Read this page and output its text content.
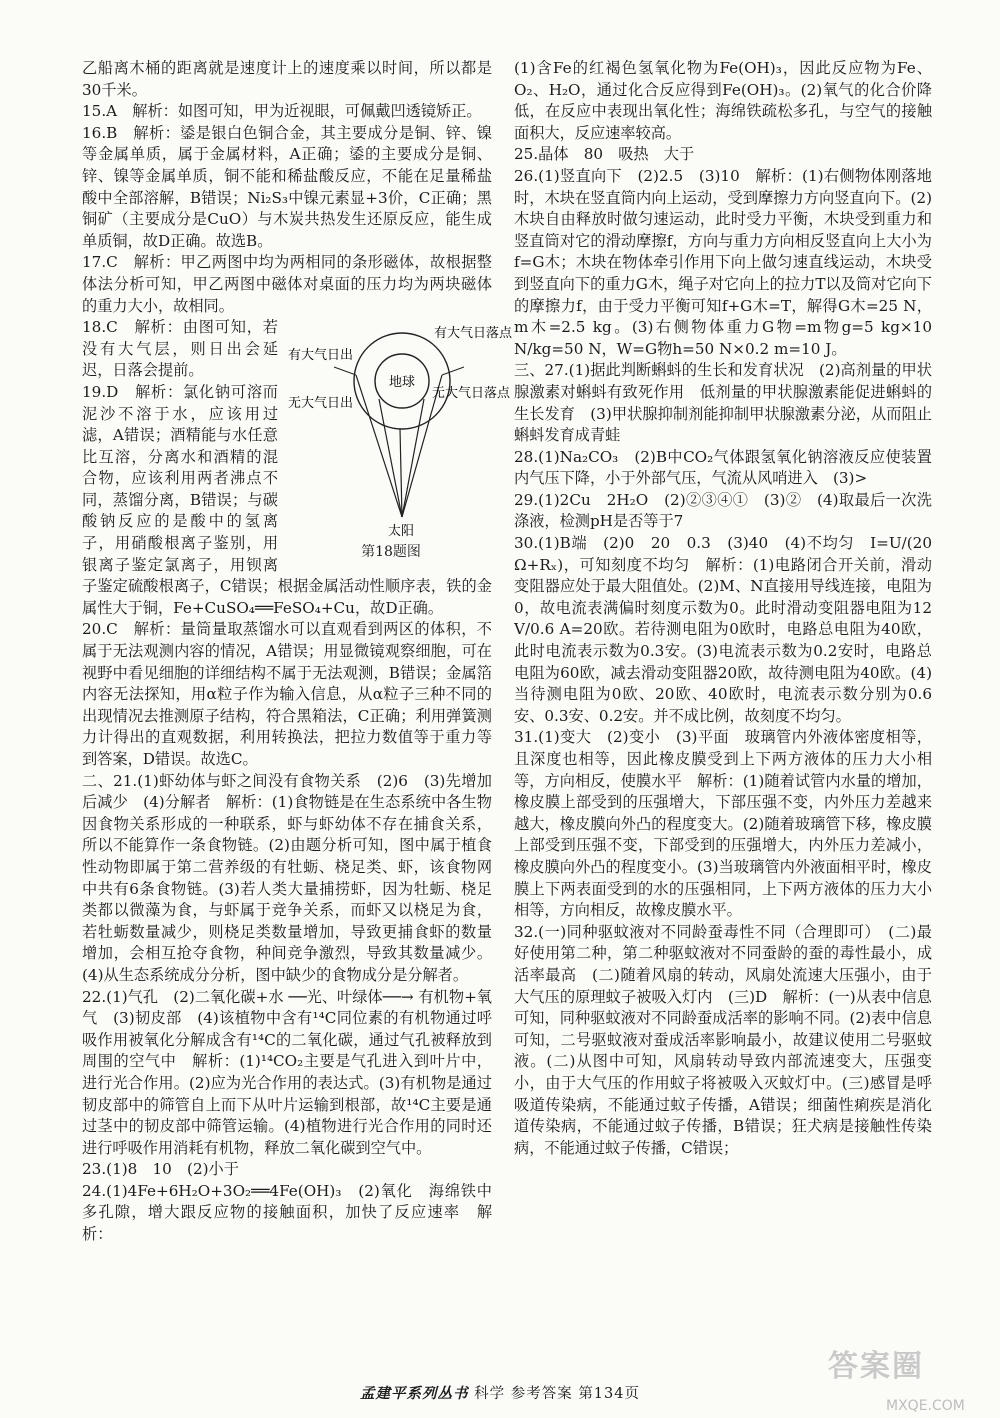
乙船离木桶的距离就是速度计上的速度乘以时间，所以都是30千米。
15.A　解析：如图可知，甲为近视眼，可佩戴凹透镜矫正。
16.B　解析：鋈是银白色铜合金，其主要成分是铜、锌、镍等金属单质，属于金属材料，A正确；鋈的主要成分是铜、锌、镍等金属单质，铜不能和稀盐酸反应，不能在足量稀盐酸中全部溶解，B错误；Ni₂S₃中镍元素显+3价，C正确；黑铜矿（主要成分是CuO）与木炭共热发生还原反应，能生成单质铜，故D正确。故选B。
17.C　解析：甲乙两图中均为两相同的条形磁体，故根据整体法分析可知，甲乙两图中磁体对桌面的压力均为两块磁体的重力大小，故相同。
地球
有大气日出
无大气日出
有大气日落点
无大气日落点
太阳
第18题图
18.C　解析：由图可知，若没有大气层，则日出会延迟，日落会提前。
19.D　解析：氯化钠可溶而泥沙不溶于水，应该用过滤，A错误；酒精能与水任意比互溶，分离水和酒精的混合物，应该利用两者沸点不同，蒸馏分离，B错误；与碳酸钠反应的是酸中的氢离子，用硝酸根离子鉴别，用银离子鉴定氯离子，用钡离子鉴定硫酸根离子，C错误；根据金属活动性顺序表，铁的金属性大于铜，Fe+CuSO₄══FeSO₄+Cu，故D正确。
20.C　解析：量筒量取蒸馏水可以直观看到两区的体积，不属于无法观测内容的情况，A错误；用显微镜观察细胞，可在视野中看见细胞的详细结构不属于无法观测，B错误；金属箔内容无法探知，用α粒子作为输入信息，从α粒子三种不同的出现情况去推测原子结构，符合黑箱法，C正确；利用弹簧测力计得出的直观数据，利用转换法，把拉力数值等于重力等到答案，D错误。故选C。
二、21.(1)虾幼体与虾之间没有食物关系　(2)6　(3)先增加后减少　(4)分解者　解析：(1)食物链是在生态系统中各生物因食物关系形成的一种联系，虾与虾幼体不存在捕食关系，所以不能算作一条食物链。(2)由题分析可知，图中属于植食性动物即属于第二营养级的有牡蛎、桡足类、虾，该食物网中共有6条食物链。(3)若人类大量捕捞虾，因为牡蛎、桡足类都以微藻为食，与虾属于竞争关系，而虾又以桡足为食，若牡蛎数量减少，则桡足类数量增加，导致更捕食虾的数量增加，会相互抢夺食物，种间竞争激烈，导致其数量减少。(4)从生态系统成分分析，图中缺少的食物成分是分解者。
22.(1)气孔　(2)二氧化碳+水 ──光、叶绿体──→ 有机物+氧气　(3)韧皮部　(4)该植物中含有¹⁴C同位素的有机物通过呼吸作用被氧化分解成含有¹⁴C的二氧化碳，通过气孔被释放到周围的空气中　解析：(1)¹⁴CO₂主要是气孔进入到叶片中，进行光合作用。(2)应为光合作用的表达式。(3)有机物是通过韧皮部中的筛管自上而下从叶片运输到根部，故¹⁴C主要是通过茎中的韧皮部中筛管运输。(4)植物进行光合作用的同时还进行呼吸作用消耗有机物，释放二氧化碳到空气中。
23.(1)8　10　(2)小于
24.(1)4Fe+6H₂O+3O₂══4Fe(OH)₃　(2)氧化　海绵铁中多孔隙，增大跟反应物的接触面积，加快了反应速率　解析：
(1)含Fe的红褐色氢氧化物为Fe(OH)₃，因此反应物为Fe、O₂、H₂O，通过化合反应得到Fe(OH)₃。(2)氧气的化合价降低，在反应中表现出氧化性；海绵铁疏松多孔，与空气的接触面积大，反应速率较高。
25.晶体　80　吸热　大于
26.(1)竖直向下　(2)2.5　(3)10　解析：(1)右侧物体刚落地时，木块在竖直筒内向上运动，受到摩擦力方向竖直向下。(2)木块自由释放时做匀速运动，此时受力平衡，木块受到重力和竖直筒对它的滑动摩擦f，方向与重力方向相反竖直向上大小为f=G木；木块在物体牵引作用下向上做匀速直线运动，木块受到竖直向下的重力G木，绳子对它向上的拉力T以及筒对它向下的摩擦力f，由于受力平衡可知f+G木=T，解得G木=25 N，m木=2.5 kg。(3)右侧物体重力G物=m物g=5 kg×10 N/kg=50 N，W=G物h=50 N×0.2 m=10 J。
三、27.(1)据此判断蝌蚪的生长和发育状况　(2)高剂量的甲状腺激素对蝌蚪有致死作用　低剂量的甲状腺激素能促进蝌蚪的生长发育　(3)甲状腺抑制剂能抑制甲状腺激素分泌，从而阻止蝌蚪发育成青蛙
28.(1)Na₂CO₃　(2)B中CO₂气体跟氢氧化钠溶液反应使装置内气压下降，小于外部气压，气流从风哨进入　(3)>
29.(1)2Cu　2H₂O　(2)②③④①　(3)②　(4)取最后一次洗涤液，检测pH是否等于7
30.(1)B端　(2)0　20　0.3　(3)40　(4)不均匀　I=U/(20 Ω+Rₓ)，可知刻度不均匀　解析：(1)电路闭合开关前，滑动变阻器应处于最大阻值处。(2)M、N直接用导线连接，电阻为0，故电流表满偏时刻度示数为0。此时滑动变阻器电阻为12 V/0.6 A=20欧。若待测电阻为0欧时，电路总电阻为40欧，此时电流表示数为0.3安。(3)电流表示数为0.2安时，电路总电阻为60欧，减去滑动变阻器20欧，故待测电阻为40欧。(4)当待测电阻为0欧、20欧、40欧时，电流表示数分别为0.6安、0.3安、0.2安。并不成比例，故刻度不均匀。
31.(1)变大　(2)变小　(3)平面　玻璃管内外液体密度相等，且深度也相等，因此橡皮膜受到上下两方液体的压力大小相等，方向相反，使膜水平　解析：(1)随着试管内水量的增加，橡皮膜上部受到的压强增大，下部压强不变，内外压力差越来越大，橡皮膜向外凸的程度变大。(2)随着玻璃管下移，橡皮膜上部受到压强不变，下部受到的压强增大，内外压力差减小，橡皮膜向外凸的程度变小。(3)当玻璃管内外液面相平时，橡皮膜上下两表面受到的水的压强相同，上下两方液体的压力大小相等，方向相反，故橡皮膜水平。
32.(一)同种驱蚊液对不同龄蚕毒性不同（合理即可）　(二)最好使用第二种，第二种驱蚊液对不同蚕龄的蚕的毒性最小，成活率最高　(二)随着风扇的转动，风扇处流速大压强小，由于大气压的原理蚊子被吸入灯内　(三)D　解析：(一)从表中信息可知，同种驱蚊液对不同龄蚕成活率的影响不同。(2)表中信息可知，二号驱蚊液对蚕成活率影响最小，故建议使用二号驱蚊液。(二)从图中可知，风扇转动导致内部流速变大，压强变小，由于大气压的作用蚊子将被吸入灭蚊灯中。(三)感冒是呼吸道传染病，不能通过蚊子传播，A错误；细菌性痢疾是消化道传染病，不能通过蚊子传播，B错误；狂犬病是接触性传染病，不能通过蚊子传播，C错误；
孟建平系列丛书 科学 参考答案 第134页
答案圈
MXQE.COM
